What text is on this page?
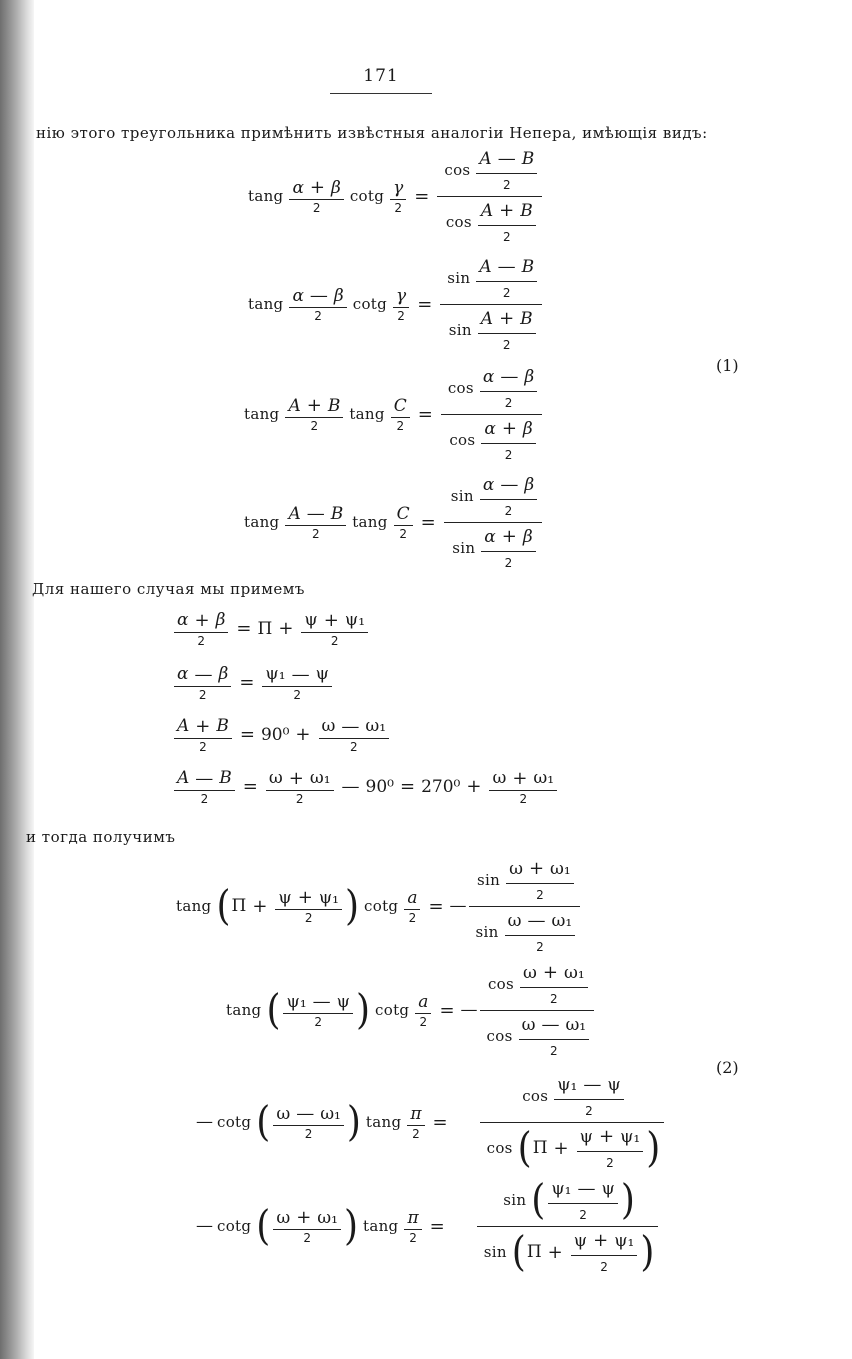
171
нiю этого треугольника примѣнить извѣстныя аналогiи Непера, имѣющiя видъ:
tang $\frac{\alpha + \beta}{2}$ cotg $\frac{\gamma}{2} = \frac{\cos \frac{A — B}{2}}{\cos \frac{A + B}{2}}$
tang $\frac{\alpha — \beta}{2}$ cotg $\frac{\gamma}{2} = \frac{\sin \frac{A — B}{2}}{\sin \frac{A + B}{2}}$
(1)
tang $\frac{A + B}{2}$ tang $\frac{C}{2} = \frac{\cos \frac{\alpha — \beta}{2}}{\cos \frac{\alpha + \beta}{2}}$
tang $\frac{A — B}{2}$ tang $\frac{C}{2} = \frac{\sin \frac{\alpha — \beta}{2}}{\sin \frac{\alpha + \beta}{2}}$
Для нашего случая мы примемъ
$\frac{\alpha + \beta}{2} = \Pi + \frac{\text{ψ + ψ₁}}{2}$
$\frac{\alpha — \beta}{2} = \frac{\text{ψ₁ — ψ}}{2}$
$\frac{A + B}{2} = 90^0 + \frac{\text{ω — ω₁}}{2}$
$\frac{A — B}{2} = \frac{\text{ω + ω₁}}{2}$ — $90^0 = 270^0 + \frac{\text{ω + ω₁}}{2}$
и тогда получимъ
tang ( $\Pi + \frac{\text{ψ + ψ₁}}{2}$ ) cotg $\frac{a}{2}$ = — $\frac{\sin \frac{\text{ω + ω₁}}{2}}{\sin \frac{\text{ω — ω₁}}{2}}$
tang ( $\frac{\text{ψ₁ — ψ}}{2}$ ) cotg $\frac{a}{2}$ = — $\frac{\cos \frac{\text{ω + ω₁}}{2}}{\cos \frac{\text{ω — ω₁}}{2}}$
(2)
— cotg ( $\frac{\text{ω — ω₁}}{2}$ ) tang $\frac{\pi}{2} = \frac{\cos \frac{\text{ψ₁ — ψ}}{2}}{\cos ( \Pi + \frac{\text{ψ + ψ₁}}{2} )}$
— cotg ( $\frac{\text{ω + ω₁}}{2}$ ) tang $\frac{\pi}{2} = \frac{\sin ( \frac{\text{ψ₁ — ψ}}{2} )}{\sin ( \Pi + \frac{\text{ψ + ψ₁}}{2} )}$
